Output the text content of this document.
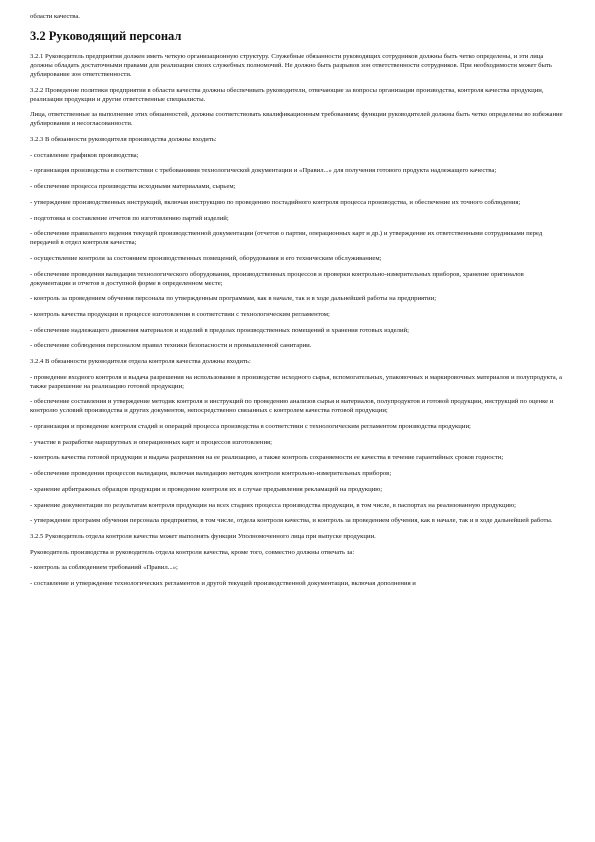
области качества.

3.2 Руководящий персонал

3.2.1 Руководитель предприятия должен иметь четкую организационную структуру. Служебные обязанности руководящих сотрудников должны быть четко определены, и эти лица должны обладать достаточными правами для реализации своих служебных полномочий. Не должно быть разрывов зон ответственности сотрудников. При необходимости может быть дублирование зон ответственности.

3.2.2 Проведение политики предприятия в области качества должны обеспечивать руководители, отвечающие за вопросы организации производства, контроля качества продукции, реализации продукции и другие ответственные специалисты.

Лица, ответственные за выполнение этих обязанностей, должны соответствовать квалификационным требованиям; функции руководителей должны быть четко определены во избежание дублирования и несогласованности.

3.2.3 В обязанности руководителя производства должны входить:

- составление графиков производства;

- организация производства в соответствии с требованиями технологической документации и «Правил...» для получения готового продукта надлежащего качества;

- обеспечение процесса производства исходными материалами, сырьем;

- утверждение производственных инструкций, включая инструкцию по проведению постадийного контроля процесса производства, и обеспечение их точного соблюдения;

- подготовка и составление отчетов по изготовлению партий изделий;

- обеспечение правильного ведения текущей производственной документации (отчетов о партии, операционных карт и др.) и утверждение их ответственными сотрудниками перед передачей в отдел контроля качества;

- осуществление контроля за состоянием производственных помещений, оборудования и его техническим обслуживанием;

- обеспечение проведения валидации технологического оборудования, производственных процессов и проверки контрольно-измерительных приборов, хранение оригиналов документации и отчетов в доступной форме в определенном месте;

- контроль за проведением обучения персонала по утвержденным программам, как в начале, так и в ходе дальнейшей работы на предприятии;

- контроль качества продукции в процессе изготовления в соответствии с технологическим регламентом;

- обеспечение надлежащего движения материалов и изделий в пределах производственных помещений и хранения готовых изделий;

- обеспечение соблюдения персоналом правил техники безопасности и промышленной санитарии.

3.2.4 В обязанности руководителя отдела контроля качества должны входить:

- проведение входного контроля и выдача разрешения на использование в производстве исходного сырья, вспомогательных, упаковочных и маркировочных материалов и полупродукта, а также разрешение на реализацию готовой продукции;

- обеспечение составления и утверждение методик контроля и инструкций по проведению анализов сырья и материалов, полупродуктов и готовой продукции, инструкций по оценке и контролю условий производства и других документов, непосредственно связанных с контролем качества готовой продукции;

- организация и проведение контроля стадий и операций процесса производства в соответствии с технологическим регламентом производства продукции;

- участие в разработке маршрутных и операционных карт и процессов изготовления;

- контроль качества готовой продукции и выдача разрешения на ее реализацию, а также контроль сохраняемости ее качества в течение гарантийных сроков годности;

- обеспечение проведения процессов валидации, включая валидацию методик контроля контрольно-измерительных приборов;

- хранение арбитражных образцов продукции и проведение контроля их в случае предъявления рекламаций на продукцию;

- хранение документации по результатам контроля продукции на всех стадиях процесса производства продукции, в том числе, в паспортах на реализованную продукцию;

- утверждение программ обучения персонала предприятия, в том числе, отдела контроля качества, и контроль за проведением обучения, как в начале, так и в ходе дальнейшей работы.

3.2.5 Руководитель отдела контроля качества может выполнять функции Уполномоченного лица при выпуске продукции.

Руководитель производства и руководитель отдела контроля качества, кроме того, совместно должны отвечать за:

- контроль за соблюдением требований «Правил...»;

- составление и утверждение технологических регламентов и другой текущей производственной документации, включая дополнения и
